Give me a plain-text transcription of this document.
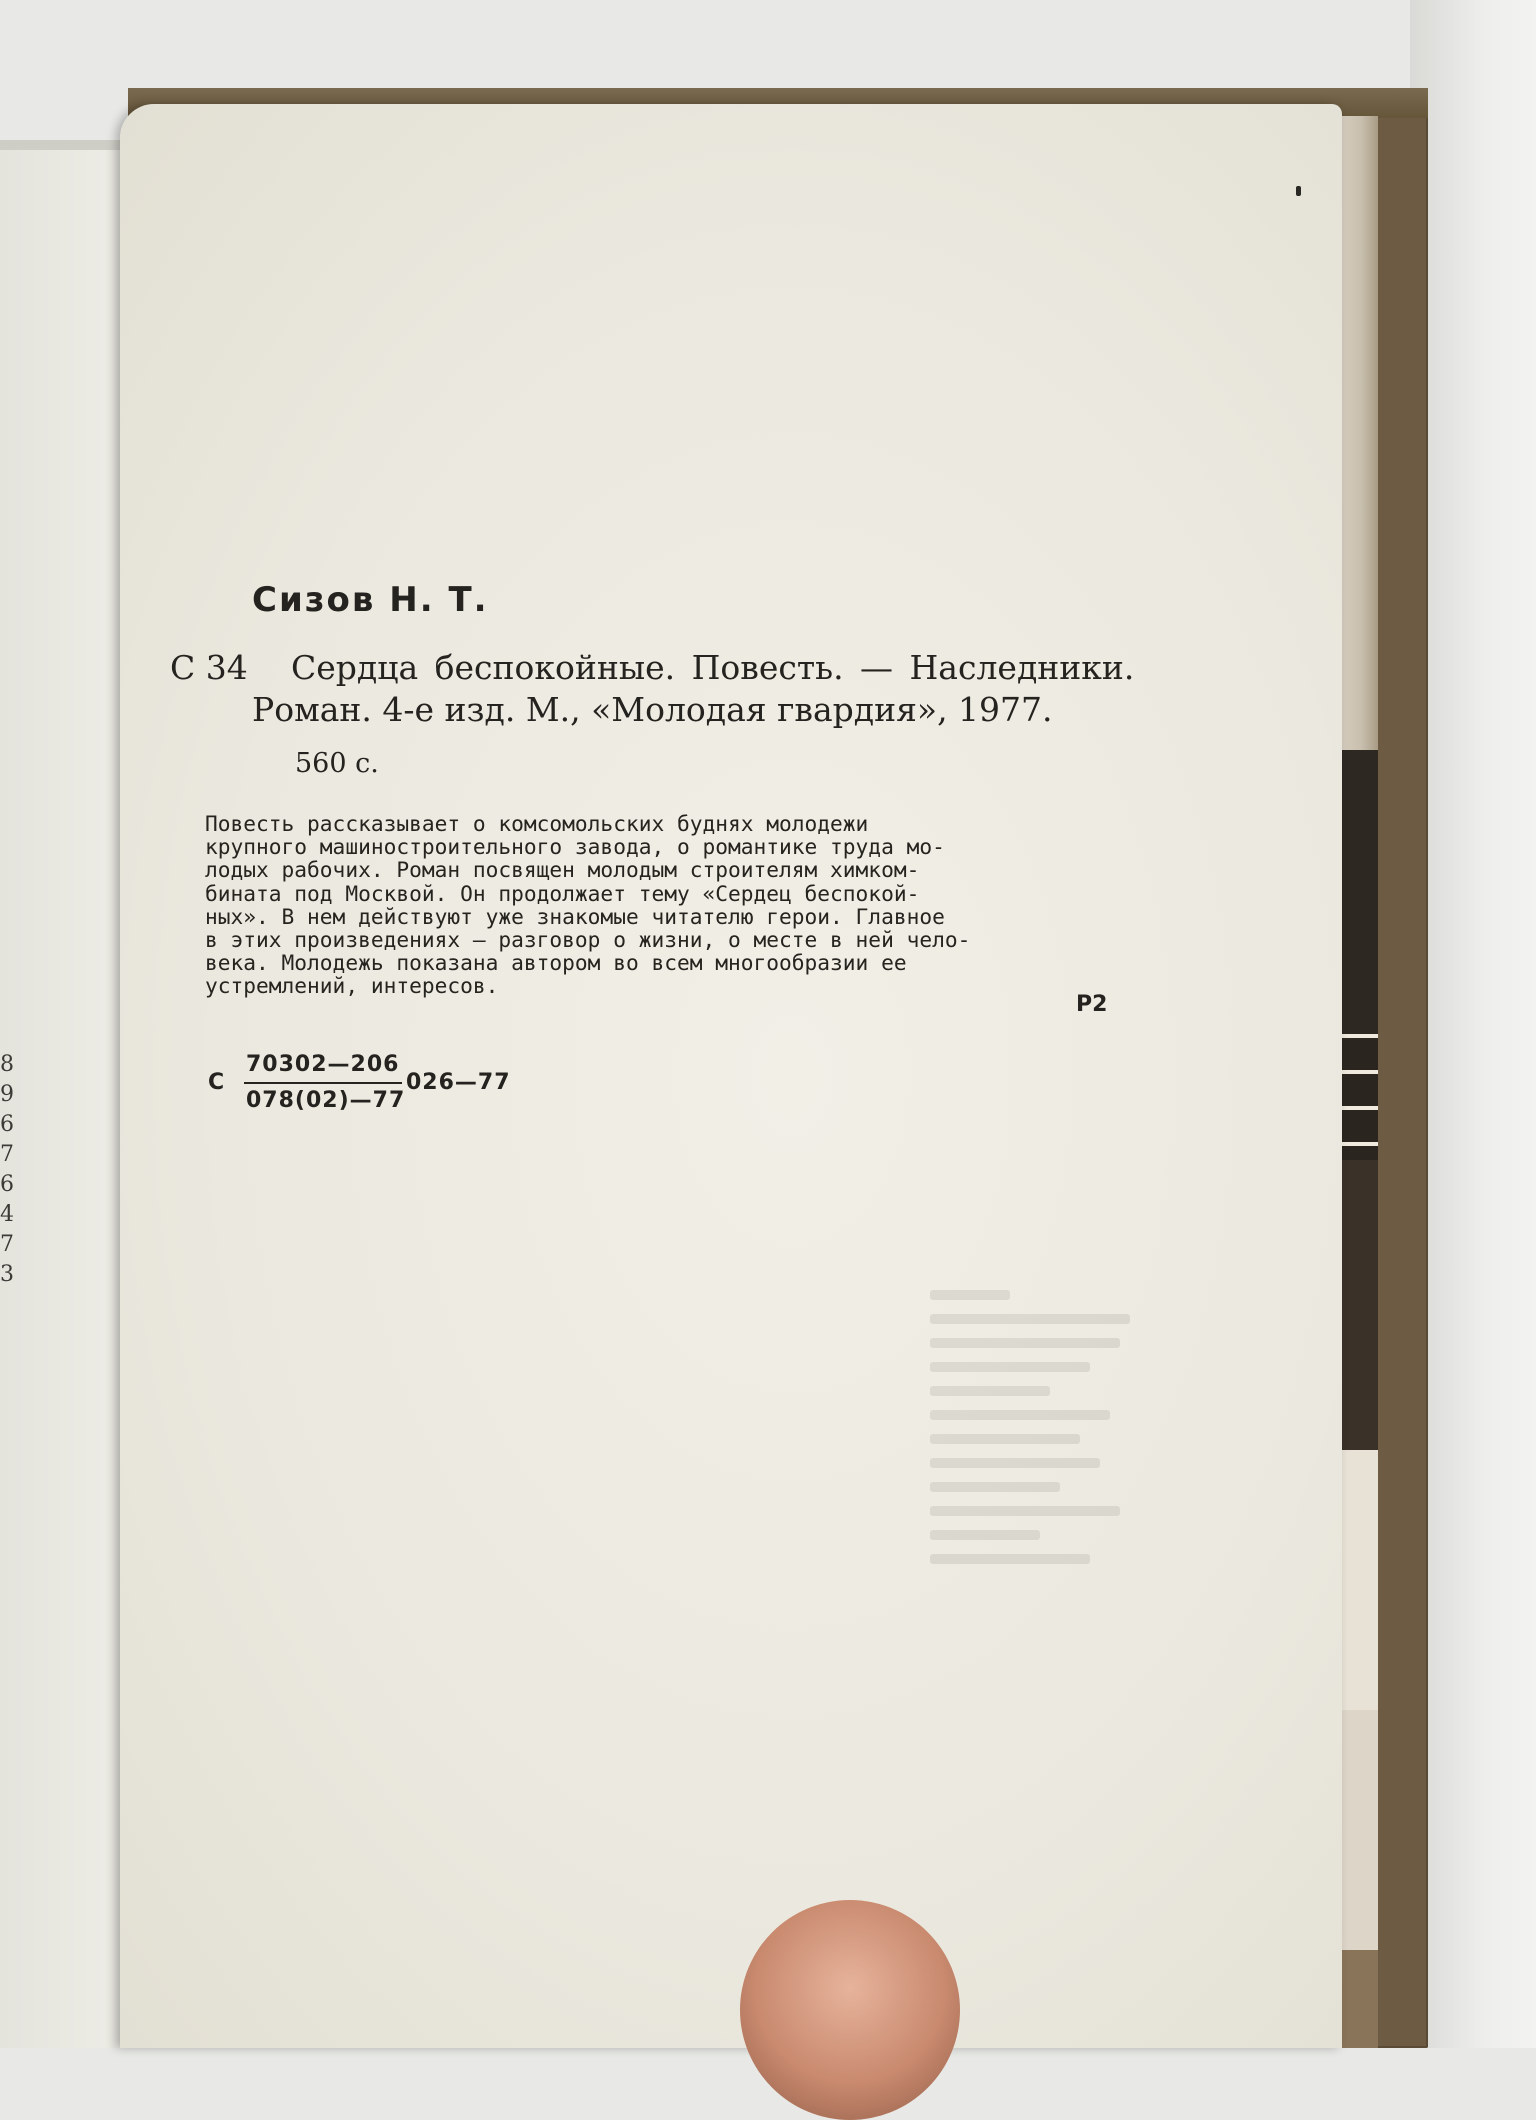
8
9
6
7
6
4
7
3
Сизов Н. Т.
С 34 Сердца беспокойные. Повесть. — Наследники.
Роман. 4-е изд. М., «Молодая гвардия», 1977.
560 с.
Повесть рассказывает о комсомольских буднях молодежи
крупного машиностроительного завода, о романтике труда мо-
лодых рабочих. Роман посвящен молодым строителям химком-
бината под Москвой. Он продолжает тему «Сердец беспокой-
ных». В нем действуют уже знакомые читателю герои. Главное
в этих произведениях — разговор о жизни, о месте в ней чело-
века. Молодежь показана автором во всем многообразии ее
устремлений, интересов.
Р2
С
70302—206
078(02)—77
026—77
